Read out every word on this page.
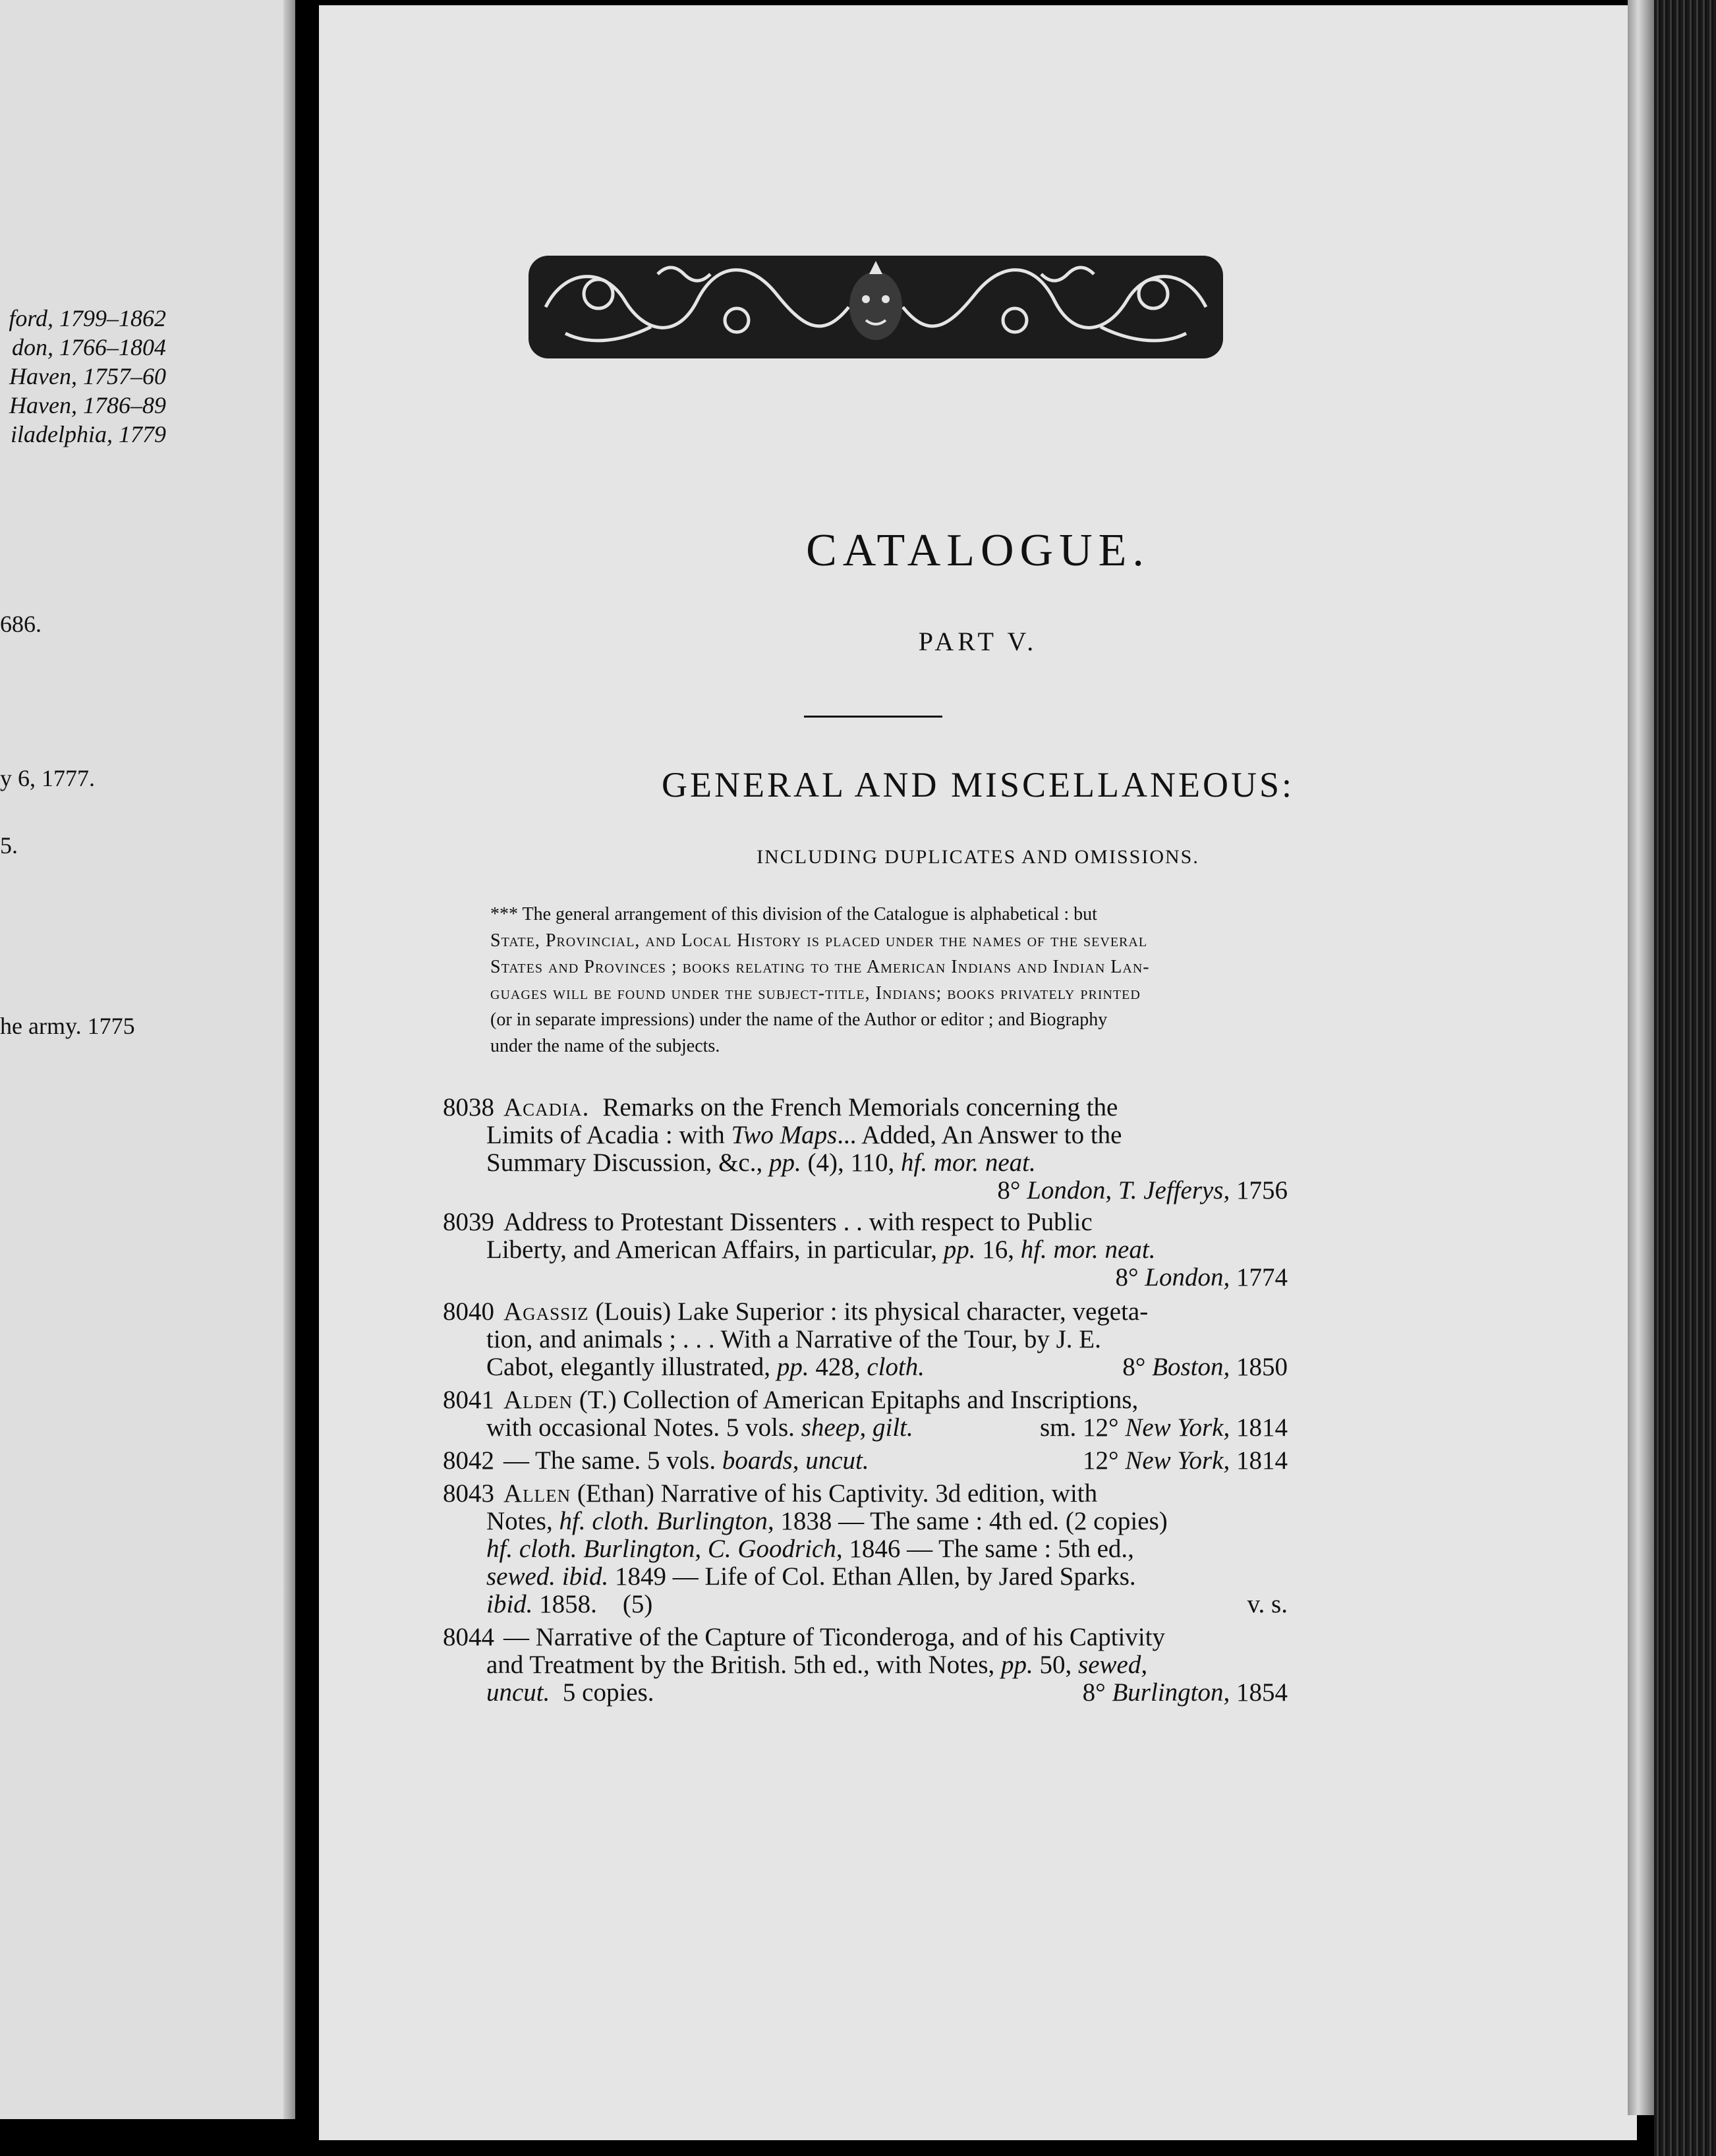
ford, 1799–1862
don, 1766–1804
Haven, 1757–60
Haven, 1786–89
iladelphia, 1779
686.
y 6, 1777.
5.
he army. 1775
CATALOGUE.
PART V.
GENERAL AND MISCELLANEOUS:
INCLUDING DUPLICATES AND OMISSIONS.
*** The general arrangement of this division of the Catalogue is alphabetical : but
State, Provincial, and Local History is placed under the names of the several
States and Provinces ; books relating to the American Indians and Indian Lan-
guages will be found under the subject-title, Indians; books privately printed
(or in separate impressions) under the name of the Author or editor ; and Biography
under the name of the subjects.
8038 Acadia. Remarks on the French Memorials concerning the
Limits of Acadia : with
Two Maps ... Added, An Answer to the
Summary Discussion, &c.,
pp.
(4), 110,
hf. mor. neat.
8° London, T. Jefferys, 1756
8039 Address to Protestant Dissenters . . with respect to Public
Liberty, and American Affairs, in particular,
pp.
16,
hf. mor. neat.
8° London, 1774
8040 Agassiz
(Louis) Lake Superior : its physical character, vegeta-
tion, and animals ; . . . With a Narrative of the Tour, by J. E.
Cabot, elegantly illustrated, pp. 428, cloth.	8° Boston, 1850
8041 Alden
(T.) Collection of American Epitaphs and Inscriptions,
with occasional Notes. 5 vols. sheep, gilt.	sm. 12° New York, 1814
8042 — The same. 5 vols. boards, uncut.	12° New York, 1814
8043 Allen
(Ethan) Narrative of his Captivity. 3d edition, with
Notes,
hf. cloth.
Burlington,
1838 — The same : 4th ed. (2 copies)
hf. cloth.
Burlington, C. Goodrich,
1846 — The same : 5th ed.,
sewed.
ibid.
1849 — Life of Col. Ethan Allen, by Jared Sparks.
ibid. 1858. (5)	v. s.
8044 — Narrative of the Capture of Ticonderoga, and of his Captivity
and Treatment by the British. 5th ed., with Notes,
pp.
50,
sewed,
uncut. 5 copies.	8° Burlington, 1854
